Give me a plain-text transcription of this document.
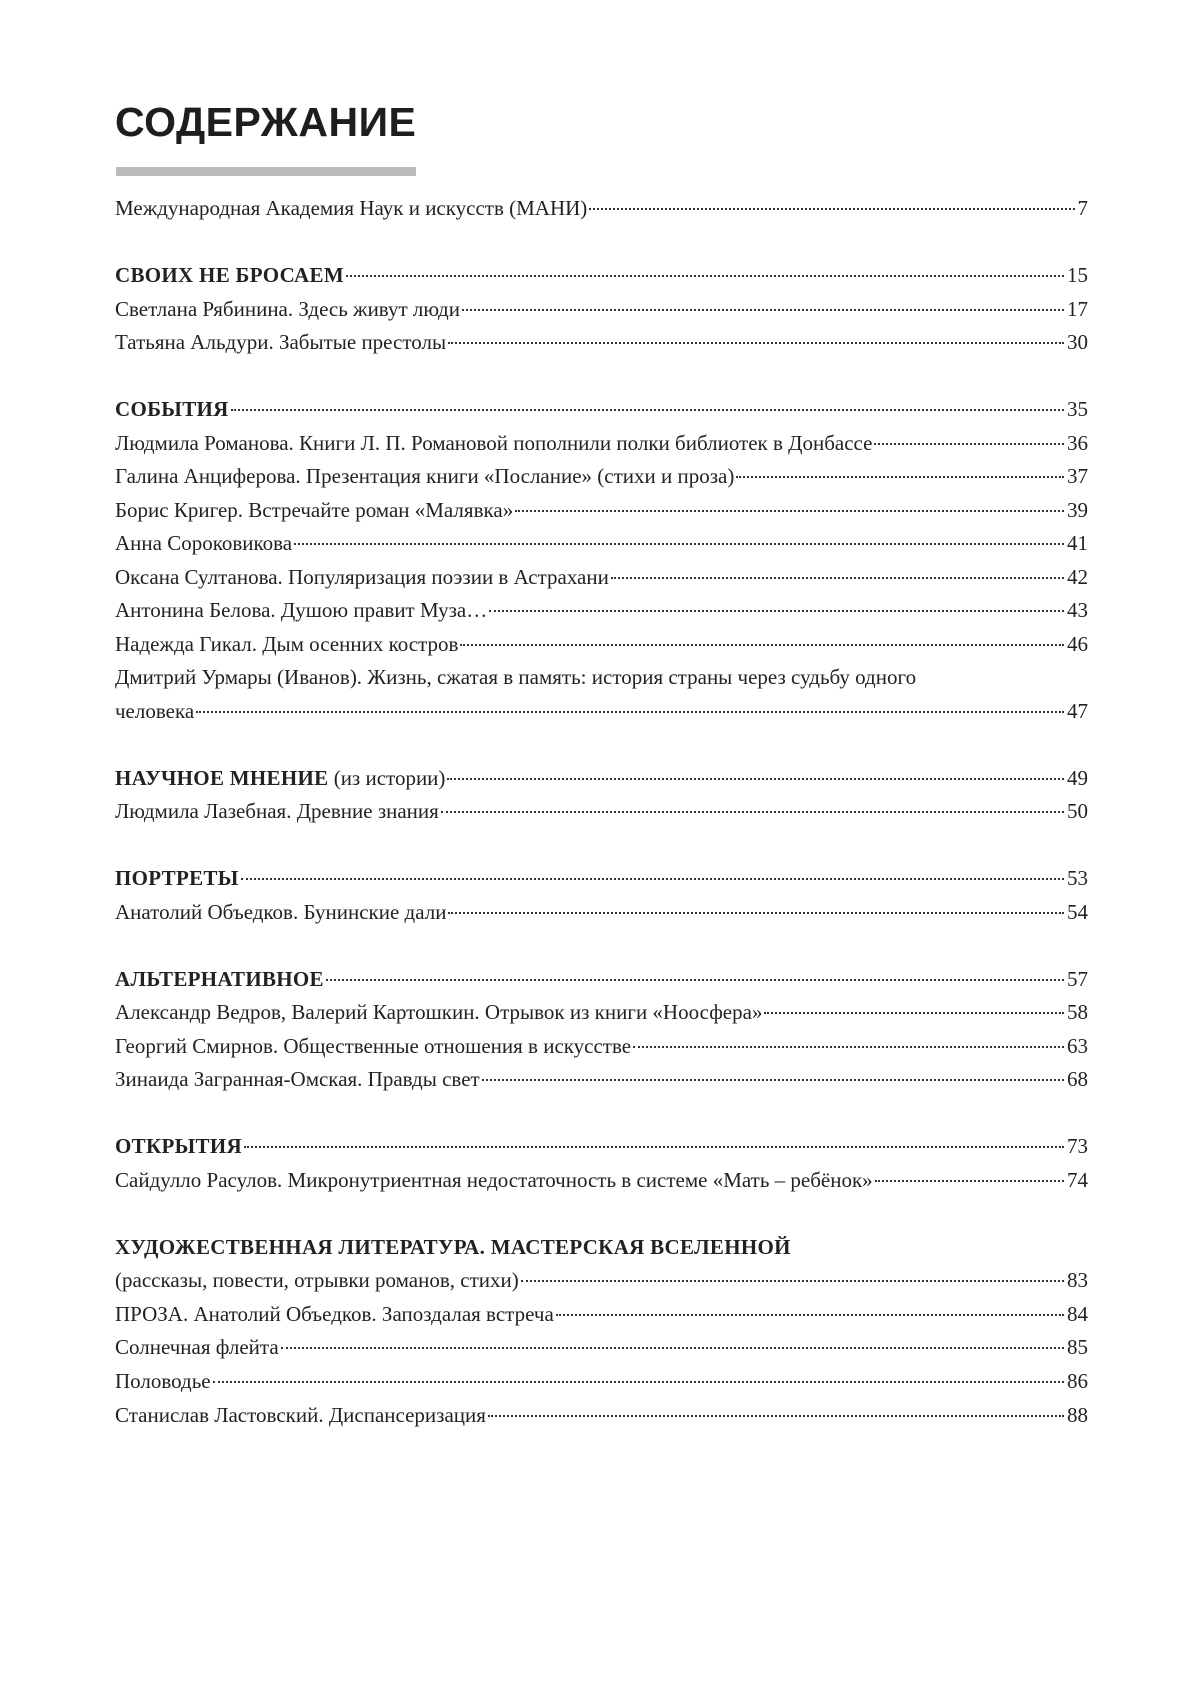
СОДЕРЖАНИЕ
Международная Академия Наук и искусств (МАНИ)	7
СВОИХ НЕ БРОСАЕМ	15
Светлана Рябинина. Здесь живут люди	17
Татьяна Альдури. Забытые престолы	30
СОБЫТИЯ	35
Людмила Романова. Книги Л. П. Романовой пополнили полки библиотек в Донбассе	36
Галина Анциферова. Презентация книги «Послание» (стихи и проза)	37
Борис Кригер. Встречайте роман «Малявка»	39
Анна Сороковикова	41
Оксана Султанова. Популяризация поэзии в Астрахани	42
Антонина Белова. Душою правит Муза…	43
Надежда Гикал. Дым осенних костров	46
Дмитрий Урмары (Иванов). Жизнь, сжатая в память: история страны через судьбу одного
человека	47
НАУЧНОЕ МНЕНИЕ (из истории)	49
Людмила Лазебная. Древние знания	50
ПОРТРЕТЫ	53
Анатолий Объедков. Бунинские дали	54
АЛЬТЕРНАТИВНОЕ	57
Александр Ведров, Валерий Картошкин. Отрывок из книги «Ноосфера»	58
Георгий Смирнов. Общественные отношения в искусстве	63
Зинаида Загранная-Омская. Правды свет	68
ОТКРЫТИЯ	73
Сайдулло Расулов. Микронутриентная недостаточность в системе «Мать – ребёнок»	74
ХУДОЖЕСТВЕННАЯ ЛИТЕРАТУРА. МАСТЕРСКАЯ ВСЕЛЕННОЙ
(рассказы, повести, отрывки романов, стихи)	83
ПРОЗА. Анатолий Объедков. Запоздалая встреча	84
Солнечная флейта	85
Половодье	86
Станислав Ластовский. Диспансеризация	88
